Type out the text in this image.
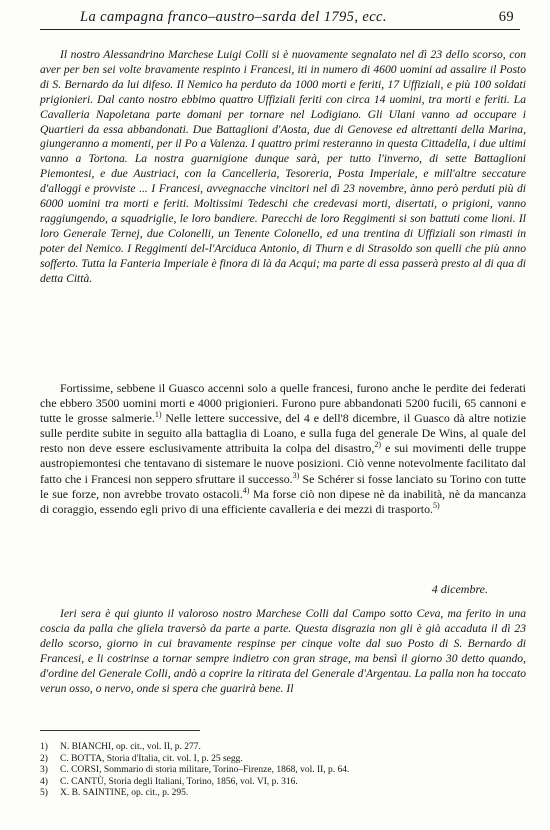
La campagna franco–austro–sarda del 1795, ecc.	69

Il nostro Alessandrino Marchese Luigi Colli si è nuovamente segnalato nel dì 23 dello scorso, con aver per ben sei volte bravamente respinto i Francesi, iti in numero di 4600 uomini ad assalire il Posto di S. Bernardo da lui difeso. Il Nemico ha perduto da 1000 morti e feriti, 17 Uffiziali, e più 100 soldati prigionieri. Dal canto nostro ebbimo quattro Uffiziali feriti con circa 14 uomini, tra morti e feriti. La Cavalleria Napoletana parte domani per tornare nel Lodigiano. Gli Ulani vanno ad occupare i Quartieri da essa abbandonati. Due Battaglioni d'Aosta, due di Genovese ed altrettanti della Marina, giungeranno a momenti, per il Po a Valenza. I quattro primi resteranno in questa Cittadella, i due ultimi vanno a Tortona. La nostra guarnigione dunque sarà, per tutto l'inverno, di sette Battaglioni Piemontesi, e due Austriaci, con la Cancelleria, Tesoreria, Posta Imperiale, e mill'altre seccature d'alloggi e provviste ... I Francesi, avvegnacche vincitori nel dì 23 novembre, ànno però perduti più di 6000 uomini tra morti e feriti. Moltissimi Tedeschi che credevasi morti, disertati, o prigioni, vanno raggiungendo, a squadriglie, le loro bandiere. Parecchi de loro Reggimenti si son battuti come lioni. Il loro Generale Ternej, due Colonelli, un Tenente Colonello, ed una trentina di Uffiziali son rimasti in poter del Nemico. I Reggimenti del-l'Arciduca Antonio, di Thurn e di Strasoldo son quelli che più anno sofferto. Tutta la Fanteria Imperiale è finora di là da Acqui; ma parte di essa passerà presto al di qua di detta Città.

Fortissime, sebbene il Guasco accenni solo a quelle francesi, furono anche le perdite dei federati che ebbero 3500 uomini morti e 4000 prigionieri. Furono pure abbandonati 5200 fucili, 65 cannoni e tutte le grosse salmerie.$^{1)}$ Nelle lettere successive, del 4 e dell'8 dicembre, il Guasco dà altre notizie sulle perdite subite in seguito alla battaglia di Loano, e sulla fuga del generale De Wins, al quale del resto non deve essere esclusivamente attribuita la colpa del disastro,$^{2)}$ e sui movimenti delle truppe austropiemontesi che tentavano di sistemare le nuove posizioni. Ciò venne notevolmente facilitato dal fatto che i Francesi non seppero sfruttare il successo.$^{3)}$ Se Schérer si fosse lanciato su Torino con tutte le sue forze, non avrebbe trovato ostacoli.$^{4)}$ Ma forse ciò non dipese nè da inabilità, nè da mancanza di coraggio, essendo egli privo di una efficiente cavalleria e dei mezzi di trasporto.$^{5)}$

4 dicembre.

Ieri sera è qui giunto il valoroso nostro Marchese Colli dal Campo sotto Ceva, ma ferito in una coscia da palla che gliela traversò da parte a parte. Questa disgrazia non gli è già accaduta il dì 23 dello scorso, giorno in cui bravamente respinse per cinque volte dal suo Posto di S. Bernardo di Francesi, e li costrinse a tornar sempre indietro con gran strage, ma bensì il giorno 30 detto quando, d'ordine del Generale Colli, andò a coprire la ritirata del Generale d'Argentau. La palla non ha toccato verun osso, o nervo, onde si spera che guarirà bene. Il

1) N. BIANCHI, op. cit., vol. II, p. 277.
2) C. BOTTA, Storia d'Italia, cit. vol. I, p. 25 segg.
3) C. CORSI, Sommario di storia militare, Torino–Firenze, 1868, vol. II, p. 64.
4) C. CANTÙ, Storia degli Italiani, Torino, 1856, vol. VI, p. 316.
5) X. B. SAINTINE, op. cit., p. 295.
